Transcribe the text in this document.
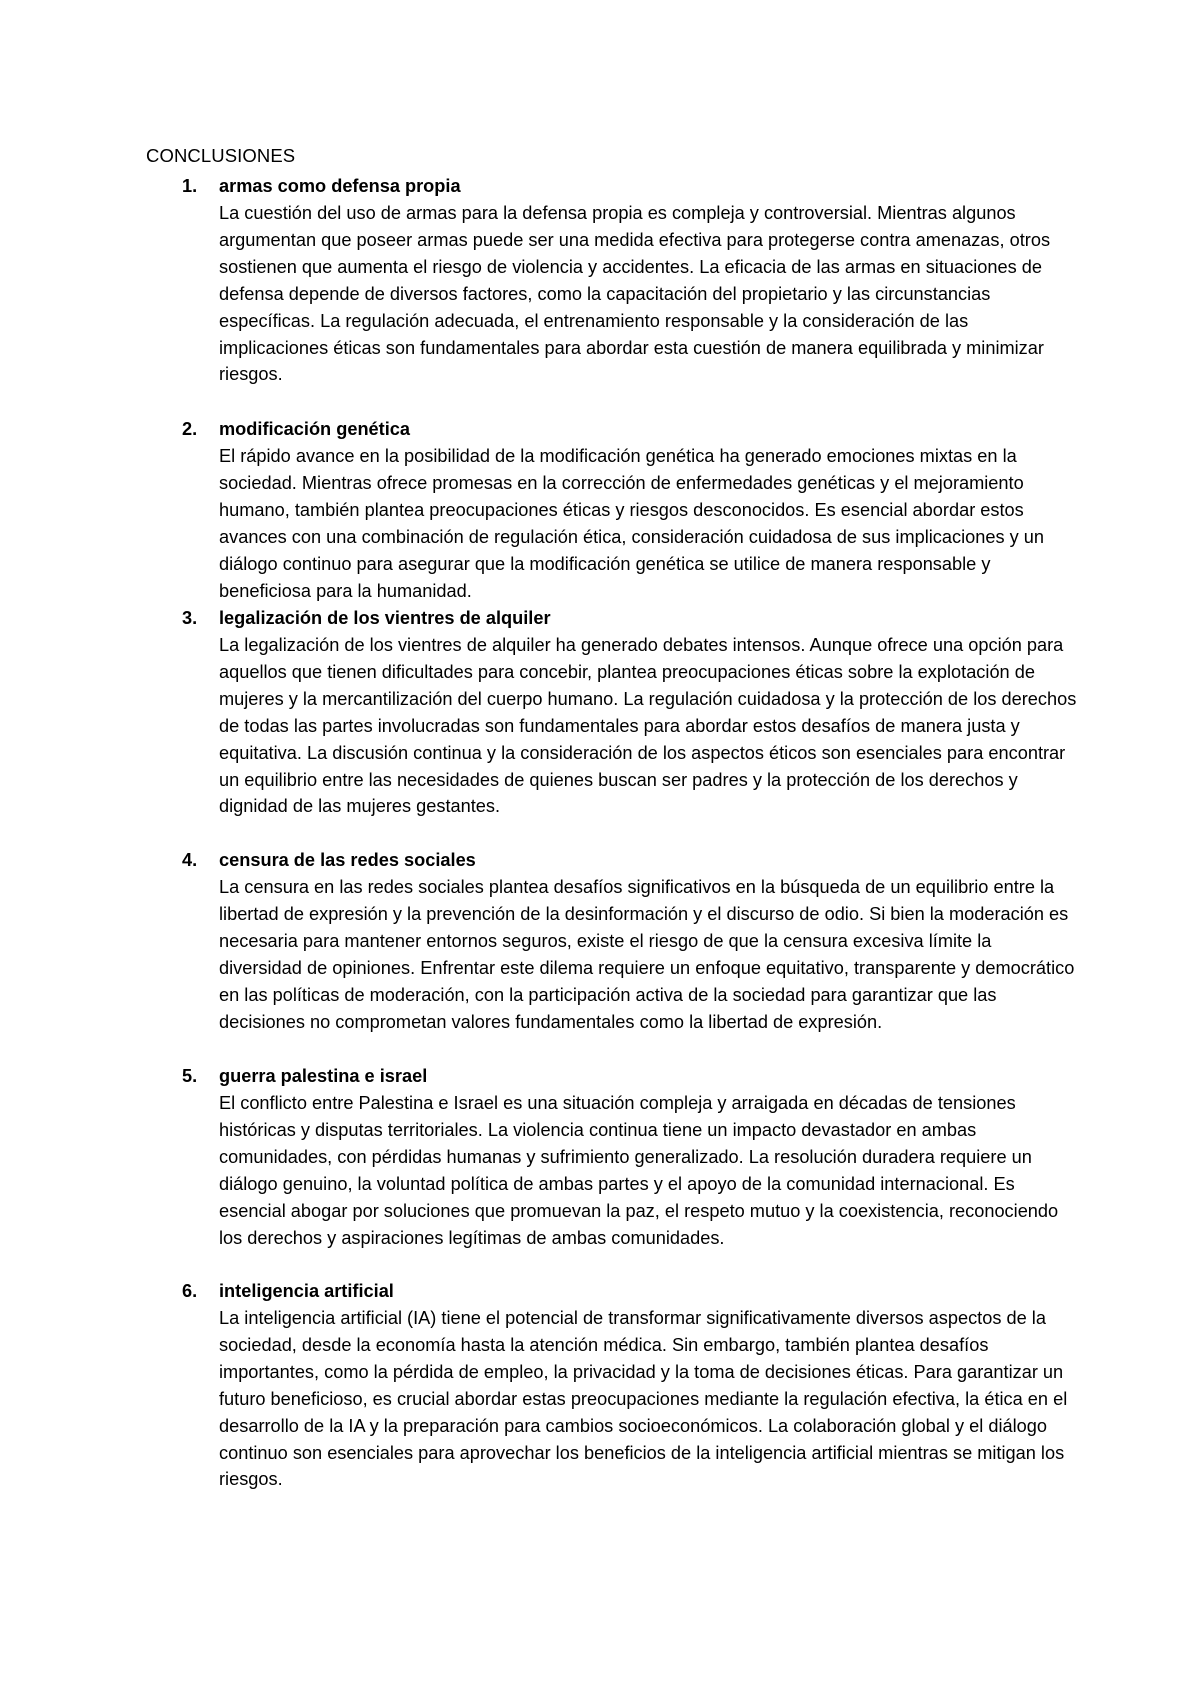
CONCLUSIONES
1. armas como defensa propia
La cuestión del uso de armas para la defensa propia es compleja y controversial. Mientras algunos argumentan que poseer armas puede ser una medida efectiva para protegerse contra amenazas, otros sostienen que aumenta el riesgo de violencia y accidentes. La eficacia de las armas en situaciones de defensa depende de diversos factores, como la capacitación del propietario y las circunstancias específicas. La regulación adecuada, el entrenamiento responsable y la consideración de las implicaciones éticas son fundamentales para abordar esta cuestión de manera equilibrada y minimizar riesgos.
2. modificación genética
El rápido avance en la posibilidad de la modificación genética ha generado emociones mixtas en la sociedad. Mientras ofrece promesas en la corrección de enfermedades genéticas y el mejoramiento humano, también plantea preocupaciones éticas y riesgos desconocidos. Es esencial abordar estos avances con una combinación de regulación ética, consideración cuidadosa de sus implicaciones y un diálogo continuo para asegurar que la modificación genética se utilice de manera responsable y beneficiosa para la humanidad.
3. legalización de los vientres de alquiler
La legalización de los vientres de alquiler ha generado debates intensos. Aunque ofrece una opción para aquellos que tienen dificultades para concebir, plantea preocupaciones éticas sobre la explotación de mujeres y la mercantilización del cuerpo humano. La regulación cuidadosa y la protección de los derechos de todas las partes involucradas son fundamentales para abordar estos desafíos de manera justa y equitativa. La discusión continua y la consideración de los aspectos éticos son esenciales para encontrar un equilibrio entre las necesidades de quienes buscan ser padres y la protección de los derechos y dignidad de las mujeres gestantes.
4. censura de las redes sociales
La censura en las redes sociales plantea desafíos significativos en la búsqueda de un equilibrio entre la libertad de expresión y la prevención de la desinformación y el discurso de odio. Si bien la moderación es necesaria para mantener entornos seguros, existe el riesgo de que la censura excesiva límite la diversidad de opiniones. Enfrentar este dilema requiere un enfoque equitativo, transparente y democrático en las políticas de moderación, con la participación activa de la sociedad para garantizar que las decisiones no comprometan valores fundamentales como la libertad de expresión.
5. guerra palestina e israel
El conflicto entre Palestina e Israel es una situación compleja y arraigada en décadas de tensiones históricas y disputas territoriales. La violencia continua tiene un impacto devastador en ambas comunidades, con pérdidas humanas y sufrimiento generalizado. La resolución duradera requiere un diálogo genuino, la voluntad política de ambas partes y el apoyo de la comunidad internacional. Es esencial abogar por soluciones que promuevan la paz, el respeto mutuo y la coexistencia, reconociendo los derechos y aspiraciones legítimas de ambas comunidades.
6. inteligencia artificial
La inteligencia artificial (IA) tiene el potencial de transformar significativamente diversos aspectos de la sociedad, desde la economía hasta la atención médica. Sin embargo, también plantea desafíos importantes, como la pérdida de empleo, la privacidad y la toma de decisiones éticas. Para garantizar un futuro beneficioso, es crucial abordar estas preocupaciones mediante la regulación efectiva, la ética en el desarrollo de la IA y la preparación para cambios socioeconómicos. La colaboración global y el diálogo continuo son esenciales para aprovechar los beneficios de la inteligencia artificial mientras se mitigan los riesgos.
